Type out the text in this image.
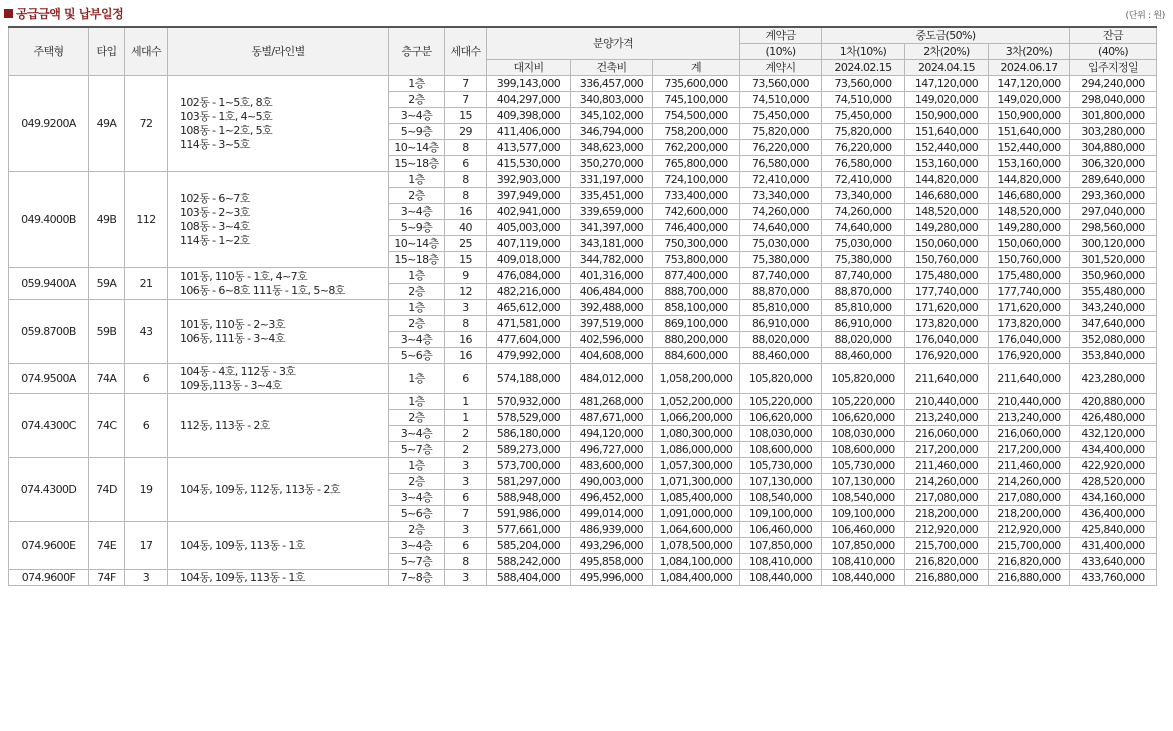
공급금액 및 납부일정	(단위 : 원)
주택형	타입	세대수	동별/라인별	층구분	세대수	분양가격			계약금	중도금(50%)			잔금
									(10%)	1차(10%)	2차(20%)	3차(20%)	(40%)
						대지비	건축비	계	계약시	2024.02.15	2024.04.15	2024.06.17	입주지정일
049.9200A	49A	72	102동 - 1~5호, 8호
103동 - 1호, 4~5호
108동 - 1~2호, 5호
114동 - 3~5호	1층	7	399,143,000	336,457,000	735,600,000	73,560,000	73,560,000	147,120,000	147,120,000	294,240,000
				2층	7	404,297,000	340,803,000	745,100,000	74,510,000	74,510,000	149,020,000	149,020,000	298,040,000
				3~4층	15	409,398,000	345,102,000	754,500,000	75,450,000	75,450,000	150,900,000	150,900,000	301,800,000
				5~9층	29	411,406,000	346,794,000	758,200,000	75,820,000	75,820,000	151,640,000	151,640,000	303,280,000
				10~14층	8	413,577,000	348,623,000	762,200,000	76,220,000	76,220,000	152,440,000	152,440,000	304,880,000
				15~18층	6	415,530,000	350,270,000	765,800,000	76,580,000	76,580,000	153,160,000	153,160,000	306,320,000
049.4000B	49B	112	102동 - 6~7호
103동 - 2~3호
108동 - 3~4호
114동 - 1~2호	1층	8	392,903,000	331,197,000	724,100,000	72,410,000	72,410,000	144,820,000	144,820,000	289,640,000
				2층	8	397,949,000	335,451,000	733,400,000	73,340,000	73,340,000	146,680,000	146,680,000	293,360,000
				3~4층	16	402,941,000	339,659,000	742,600,000	74,260,000	74,260,000	148,520,000	148,520,000	297,040,000
				5~9층	40	405,003,000	341,397,000	746,400,000	74,640,000	74,640,000	149,280,000	149,280,000	298,560,000
				10~14층	25	407,119,000	343,181,000	750,300,000	75,030,000	75,030,000	150,060,000	150,060,000	300,120,000
				15~18층	15	409,018,000	344,782,000	753,800,000	75,380,000	75,380,000	150,760,000	150,760,000	301,520,000
059.9400A	59A	21	101동, 110동 - 1호, 4~7호
106동 - 6~8호 111동 - 1호, 5~8호	1층	9	476,084,000	401,316,000	877,400,000	87,740,000	87,740,000	175,480,000	175,480,000	350,960,000
				2층	12	482,216,000	406,484,000	888,700,000	88,870,000	88,870,000	177,740,000	177,740,000	355,480,000
059.8700B	59B	43	101동, 110동 - 2~3호
106동, 111동 - 3~4호	1층	3	465,612,000	392,488,000	858,100,000	85,810,000	85,810,000	171,620,000	171,620,000	343,240,000
				2층	8	471,581,000	397,519,000	869,100,000	86,910,000	86,910,000	173,820,000	173,820,000	347,640,000
				3~4층	16	477,604,000	402,596,000	880,200,000	88,020,000	88,020,000	176,040,000	176,040,000	352,080,000
				5~6층	16	479,992,000	404,608,000	884,600,000	88,460,000	88,460,000	176,920,000	176,920,000	353,840,000
074.9500A	74A	6	104동 - 4호, 112동 - 3호
109동,113동 - 3~4호	1층	6	574,188,000	484,012,000	1,058,200,000	105,820,000	105,820,000	211,640,000	211,640,000	423,280,000
074.4300C	74C	6	112동, 113동 - 2호	1층	1	570,932,000	481,268,000	1,052,200,000	105,220,000	105,220,000	210,440,000	210,440,000	420,880,000
				2층	1	578,529,000	487,671,000	1,066,200,000	106,620,000	106,620,000	213,240,000	213,240,000	426,480,000
				3~4층	2	586,180,000	494,120,000	1,080,300,000	108,030,000	108,030,000	216,060,000	216,060,000	432,120,000
				5~7층	2	589,273,000	496,727,000	1,086,000,000	108,600,000	108,600,000	217,200,000	217,200,000	434,400,000
074.4300D	74D	19	104동, 109동, 112동, 113동 - 2호	1층	3	573,700,000	483,600,000	1,057,300,000	105,730,000	105,730,000	211,460,000	211,460,000	422,920,000
				2층	3	581,297,000	490,003,000	1,071,300,000	107,130,000	107,130,000	214,260,000	214,260,000	428,520,000
				3~4층	6	588,948,000	496,452,000	1,085,400,000	108,540,000	108,540,000	217,080,000	217,080,000	434,160,000
				5~6층	7	591,986,000	499,014,000	1,091,000,000	109,100,000	109,100,000	218,200,000	218,200,000	436,400,000
074.9600E	74E	17	104동, 109동, 113동 - 1호	2층	3	577,661,000	486,939,000	1,064,600,000	106,460,000	106,460,000	212,920,000	212,920,000	425,840,000
				3~4층	6	585,204,000	493,296,000	1,078,500,000	107,850,000	107,850,000	215,700,000	215,700,000	431,400,000
				5~7층	8	588,242,000	495,858,000	1,084,100,000	108,410,000	108,410,000	216,820,000	216,820,000	433,640,000
074.9600F	74F	3	104동, 109동, 113동 - 1호	7~8층	3	588,404,000	495,996,000	1,084,400,000	108,440,000	108,440,000	216,880,000	216,880,000	433,760,000
